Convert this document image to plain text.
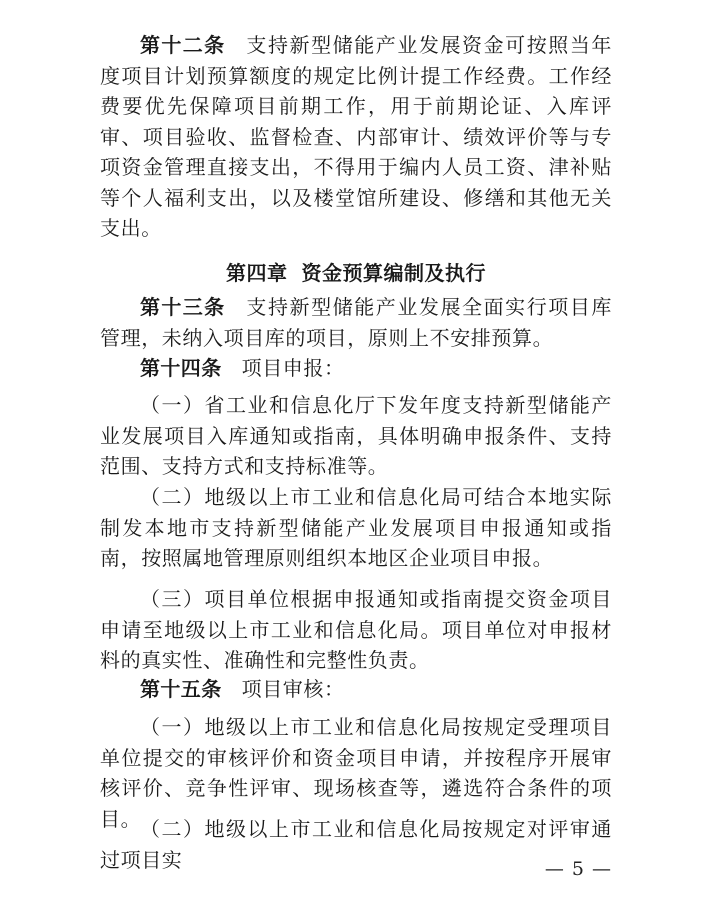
第十二条 支持新型储能产业发展资金可按照当年度项目计划预算额度的规定比例计提工作经费。工作经费要优先保障项目前期工作，用于前期论证、入库评审、项目验收、监督检查、内部审计、绩效评价等与专项资金管理直接支出，不得用于编内人员工资、津补贴等个人福利支出，以及楼堂馆所建设、修缮和其他无关支出。

第四章 资金预算编制及执行

第十三条 支持新型储能产业发展全面实行项目库管理，未纳入项目库的项目，原则上不安排预算。

第十四条 项目申报：

（一）省工业和信息化厅下发年度支持新型储能产业发展项目入库通知或指南，具体明确申报条件、支持范围、支持方式和支持标准等。

（二）地级以上市工业和信息化局可结合本地实际制发本地市支持新型储能产业发展项目申报通知或指南，按照属地管理原则组织本地区企业项目申报。

（三）项目单位根据申报通知或指南提交资金项目申请至地级以上市工业和信息化局。项目单位对申报材料的真实性、准确性和完整性负责。

第十五条 项目审核：

（一）地级以上市工业和信息化局按规定受理项目单位提交的审核评价和资金项目申请，并按程序开展审核评价、竞争性评审、现场核查等，遴选符合条件的项目。

（二）地级以上市工业和信息化局按规定对评审通过项目实	— 5 —
